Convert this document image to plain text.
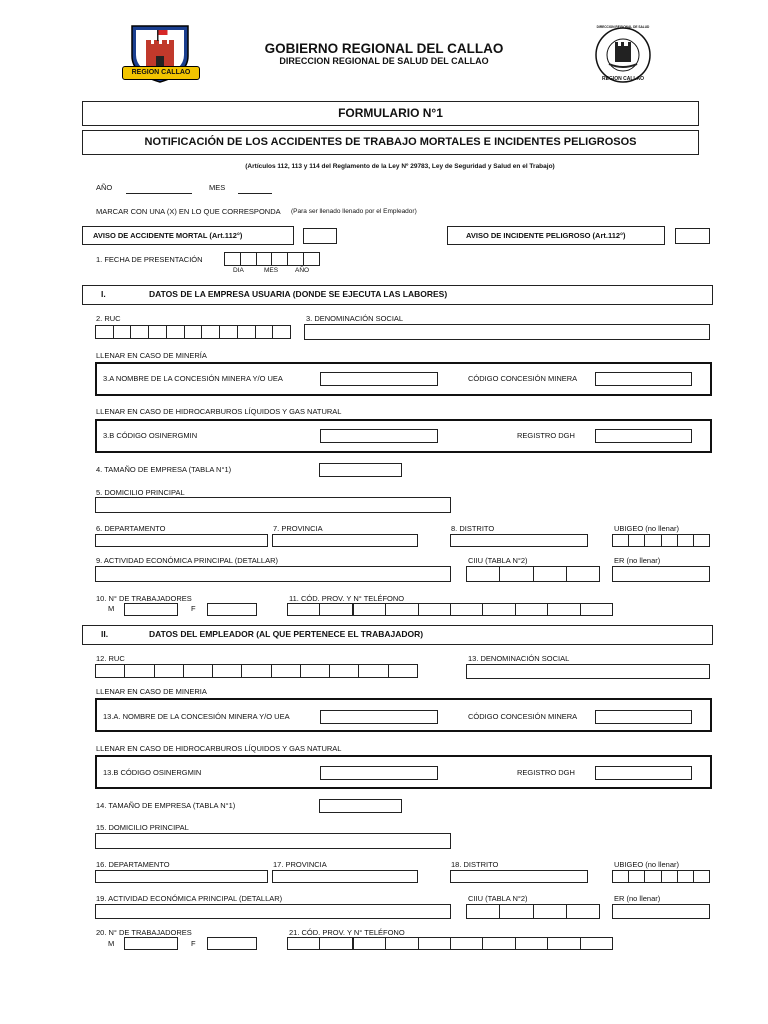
REGION CALLAO
GOBIERNO REGIONAL DEL CALLAO
DIRECCION REGIONAL DE SALUD DEL CALLAO
DIRECCION REGIONAL DE SALUD
REGION CALLAO
FORMULARIO N°1
NOTIFICACIÓN DE LOS ACCIDENTES DE TRABAJO MORTALES E INCIDENTES PELIGROSOS
(Artículos 112, 113 y 114 del Reglamento de la Ley Nº 29783, Ley de Seguridad y Salud en el Trabajo)
AÑO	MES
MARCAR CON UNA (X) EN LO QUE CORRESPONDA (Para ser llenado llenado por el Empleador)
AVISO DE ACCIDENTE MORTAL (Art.112°)	AVISO DE INCIDENTE PELIGROSO (Art.112°)
1. FECHA DE PRESENTACIÓN
DIA	MES	AÑO
I.	DATOS DE LA EMPRESA USUARIA (DONDE SE EJECUTA LAS LABORES)
2. RUC	3. DENOMINACIÓN SOCIAL
LLENAR EN CASO DE MINERÍA
3.A NOMBRE DE LA CONCESIÓN MINERA Y/O UEA	CÓDIGO CONCESIÓN MINERA
LLENAR EN CASO DE HIDROCARBUROS LÍQUIDOS Y GAS NATURAL
3.B CÓDIGO OSINERGMIN	REGISTRO DGH
4. TAMAÑO DE EMPRESA (TABLA N°1)
5. DOMICILIO PRINCIPAL
6. DEPARTAMENTO	7. PROVINCIA	8. DISTRITO	UBIGEO (no llenar)
9. ACTIVIDAD ECONÓMICA PRINCIPAL (DETALLAR)	CIIU (TABLA N°2)	ER (no llenar)
10. N° DE TRABAJADORES
M	F
11. CÓD. PROV. Y N° TELÉFONO
II.	DATOS DEL EMPLEADOR (AL QUE PERTENECE EL TRABAJADOR)
12. RUC	13. DENOMINACIÓN SOCIAL
LLENAR EN CASO DE MINERIA
13.A. NOMBRE DE LA CONCESIÓN MINERA Y/O UEA	CÓDIGO CONCESIÓN MINERA
LLENAR EN CASO DE HIDROCARBUROS LÍQUIDOS Y GAS NATURAL
13.B CÓDIGO OSINERGMIN	REGISTRO DGH
14. TAMAÑO DE EMPRESA (TABLA N°1)
15. DOMICILIO PRINCIPAL
16. DEPARTAMENTO	17. PROVINCIA	18. DISTRITO	UBIGEO (no llenar)
19. ACTIVIDAD ECONÓMICA PRINCIPAL (DETALLAR)	CIIU (TABLA N°2)	ER (no llenar)
20. N° DE TRABAJADORES
M	F
21. CÓD. PROV. Y N° TELÉFONO
